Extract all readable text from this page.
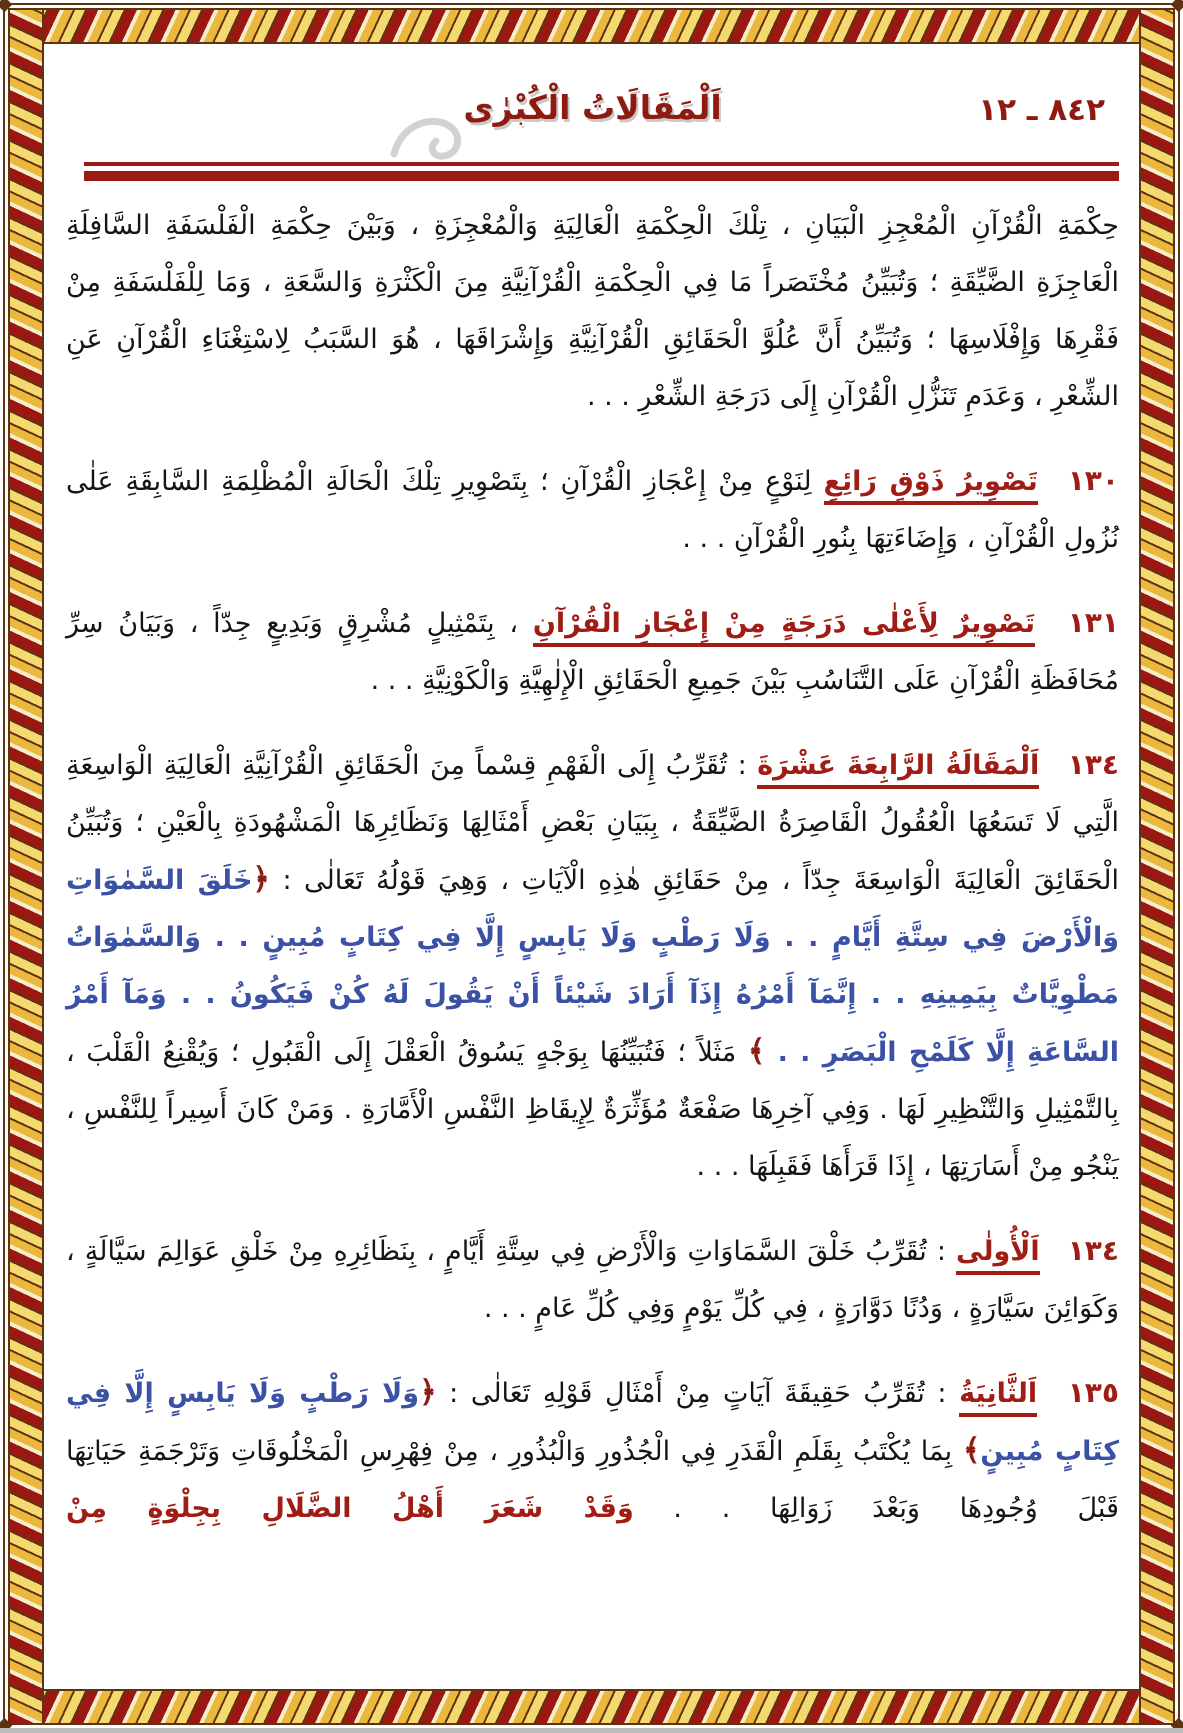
٨٤٢ ـ ١٢
اَلْمَقَالَاتُ الْكُبْرٰى

حِكْمَةِ الْقُرْآنِ الْمُعْجِزِ الْبَيَانِ ، تِلْكَ الْحِكْمَةِ الْعَالِيَةِ وَالْمُعْجِزَةِ ، وَبَيْنَ حِكْمَةِ الْفَلْسَفَةِ السَّافِلَةِ الْعَاجِزَةِ الضَّيِّقَةِ ؛ وَتُبَيِّنُ مُخْتَصَراً مَا فِي الْحِكْمَةِ الْقُرْآنِيَّةِ مِنَ الْكَثْرَةِ وَالسَّعَةِ ، وَمَا لِلْفَلْسَفَةِ مِنْ فَقْرِهَا وَإِفْلَاسِهَا ؛ وَتُبَيِّنُ أَنَّ عُلُوَّ الْحَقَائِقِ الْقُرْآنِيَّةِ وَإِشْرَاقَهَا ، هُوَ السَّبَبُ لِاسْتِغْنَاءِ الْقُرْآنِ عَنِ الشِّعْرِ ، وَعَدَمِ تَنَزُّلِ الْقُرْآنِ إِلَى دَرَجَةِ الشِّعْرِ . . .

١٣٠ تَصْوِيرُ ذَوْقٍ رَائِعٍ لِنَوْعٍ مِنْ إِعْجَازِ الْقُرْآنِ ؛ بِتَصْوِيرِ تِلْكَ الْحَالَةِ الْمُظْلِمَةِ السَّابِقَةِ عَلٰى نُزُولِ الْقُرْآنِ ، وَإِضَاءَتِهَا بِنُورِ الْقُرْآنِ . . .

١٣١ تَصْوِيرٌ لِأَعْلٰى دَرَجَةٍ مِنْ إِعْجَازِ الْقُرْآنِ ، بِتَمْثِيلٍ مُشْرِقٍ وَبَدِيعٍ جِدّاً ، وَبَيَانُ سِرِّ مُحَافَظَةِ الْقُرْآنِ عَلَى التَّنَاسُبِ بَيْنَ جَمِيعِ الْحَقَائِقِ الْإِلٰهِيَّةِ وَالْكَوْنِيَّةِ . . .

١٣٤ اَلْمَقَالَةُ الرَّابِعَةَ عَشْرَةَ : تُقَرِّبُ إِلَى الْفَهْمِ قِسْماً مِنَ الْحَقَائِقِ الْقُرْآنِيَّةِ الْعَالِيَةِ الْوَاسِعَةِ الَّتِي لَا تَسَعُهَا الْعُقُولُ الْقَاصِرَةُ الضَّيِّقَةُ ، بِبَيَانِ بَعْضِ أَمْثَالِهَا وَنَظَائِرِهَا الْمَشْهُودَةِ بِالْعَيْنِ ؛ وَتُبَيِّنُ الْحَقَائِقَ الْعَالِيَةَ الْوَاسِعَةَ جِدّاً ، مِنْ حَقَائِقِ هٰذِهِ الْآيَاتِ ، وَهِيَ قَوْلُهُ تَعَالٰى : ﴿خَلَقَ السَّمٰوَاتِ وَالْأَرْضَ فِي سِتَّةِ أَيَّامٍ . . وَلَا رَطْبٍ وَلَا يَابِسٍ إِلَّا فِي كِتَابٍ مُبِينٍ . . وَالسَّمٰوَاتُ مَطْوِيَّاتٌ بِيَمِينِهِ . . إِنَّمَآ أَمْرُهُ إِذَآ أَرَادَ شَيْئاً أَنْ يَقُولَ لَهُ كُنْ فَيَكُونُ . . وَمَآ أَمْرُ السَّاعَةِ إِلَّا كَلَمْحِ الْبَصَرِ . . ﴾ مَثَلاً ؛ فَتُبَيِّنُهَا بِوَجْهٍ يَسُوقُ الْعَقْلَ إِلَى الْقَبُولِ ؛ وَيُقْنِعُ الْقَلْبَ ، بِالتَّمْثِيلِ وَالتَّنْظِيرِ لَهَا . وَفِي آخِرِهَا صَفْعَةٌ مُؤَثِّرَةٌ لِإِيقَاظِ النَّفْسِ الْأَمَّارَةِ . وَمَنْ كَانَ أَسِيراً لِلنَّفْسِ ، يَنْجُو مِنْ أَسَارَتِهَا ، إِذَا قَرَأَهَا فَقَبِلَهَا . . .

١٣٤ اَلْأُولٰى : تُقَرِّبُ خَلْقَ السَّمَاوَاتِ وَالْأَرْضِ فِي سِتَّةِ أَيَّامٍ ، بِنَظَائِرِهِ مِنْ خَلْقِ عَوَالِمَ سَيَّالَةٍ ، وَكَوَائِنَ سَيَّارَةٍ ، وَدُنًا دَوَّارَةٍ ، فِي كُلِّ يَوْمٍ وَفِي كُلِّ عَامٍ . . .

١٣٥ اَلثَّانِيَةُ : تُقَرِّبُ حَقِيقَةَ آيَاتٍ مِنْ أَمْثَالِ قَوْلِهِ تَعَالٰى : ﴿وَلَا رَطْبٍ وَلَا يَابِسٍ إِلَّا فِي كِتَابٍ مُبِينٍ﴾ بِمَا يُكْتَبُ بِقَلَمِ الْقَدَرِ فِي الْجُذُورِ وَالْبُذُورِ ، مِنْ فِهْرِسِ الْمَخْلُوقَاتِ وَتَرْجَمَةِ حَيَاتِهَا قَبْلَ وُجُودِهَا وَبَعْدَ زَوَالِهَا . . وَقَدْ شَعَرَ أَهْلُ الضَّلَالِ بِجِلْوَةٍ مِنْ
